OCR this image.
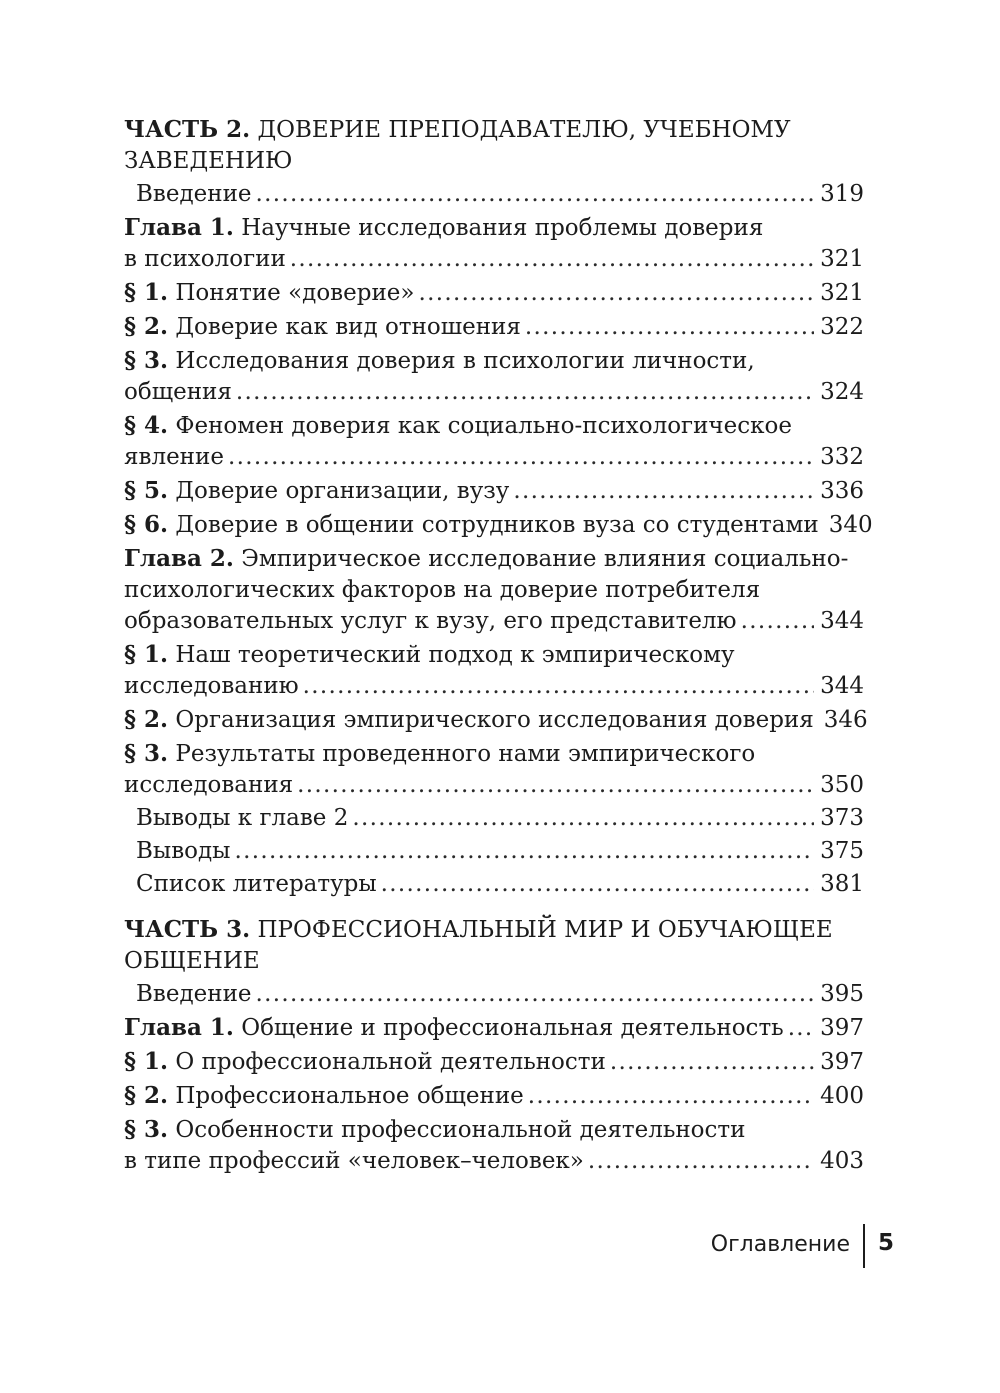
ЧАСТЬ 2. ДОВЕРИЕ ПРЕПОДАВАТЕЛЮ, УЧЕБНОМУ ЗАВЕДЕНИЮ
Введение . . .	319
Глава 1. Научные исследования проблемы доверия
в психологии . . .	321
§ 1. Понятие «доверие» . . .	321
§ 2. Доверие как вид отношения . . .	322
§ 3. Исследования доверия в психологии личности,
общения . . .	324
§ 4. Феномен доверия как социально-психологическое
явление . . .	332
§ 5. Доверие организации, вузу . . .	336
§ 6. Доверие в общении сотрудников вуза со студентами 340
Глава 2. Эмпирическое исследование влияния социально-
психологических факторов на доверие потребителя
образовательных услуг к вузу, его представителю . . .	344
§ 1. Наш теоретический подход к эмпирическому
исследованию . . .	344
§ 2. Организация эмпирического исследования доверия 346
§ 3. Результаты проведенного нами эмпирического
исследования . . .	350
Выводы к главе 2 . . .	373
Выводы . . .	375
Список литературы . . .	381
ЧАСТЬ 3. ПРОФЕССИОНАЛЬНЫЙ МИР И ОБУЧАЮЩЕЕ ОБЩЕНИЕ
Введение . . .	395
Глава 1. Общение и профессиональная деятельность . . . 397
§ 1. О профессиональной деятельности . . .	397
§ 2. Профессиональное общение . . .	400
§ 3. Особенности профессиональной деятельности
в типе профессий «человек–человек» . . .	403
Оглавление 5
